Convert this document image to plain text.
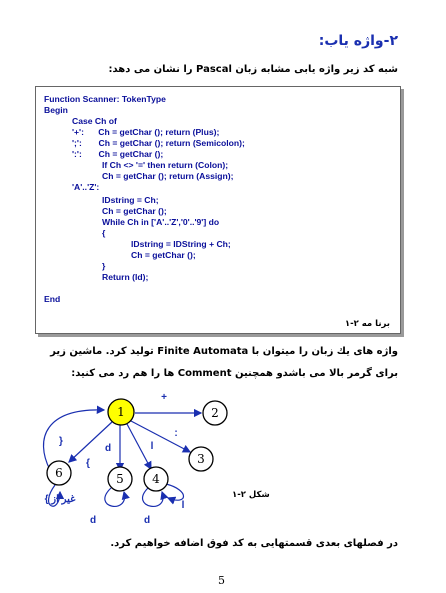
۲-واژه یاب:
شبه کد زیر واژه یابی مشابه زبان Pascal را نشان می دهد:
Function Scanner: TokenType
Begin
Case Ch of
'+':      Ch = getChar (); return (Plus);
';':       Ch = getChar (); return (Semicolon);
':':       Ch = getChar ();
If Ch <> '=' then return (Colon);
Ch = getChar (); return (Assign);
'A'..'Z':
IDstring = Ch;
Ch = getChar ();
While Ch in ['A'..'Z','0'..'9'] do
{
IDstring = IDString + Ch;
Ch = getChar ();
}
Return (Id);
End
برنا مه ۲-۱
واژه های یك زبان را میتوان با Finite Automata تولید کرد. ماشین زیر برای گرمر بالا می باشدو همچنین Comment ها را هم رد می کنید:
1	2
3
4
5
6
+
:
d	l
}
{
d	d
l
غیر از }	شکل ۲-۱
در فصلهای بعدی قسمتهایی به کد فوق اضافه خواهیم کرد.
5
